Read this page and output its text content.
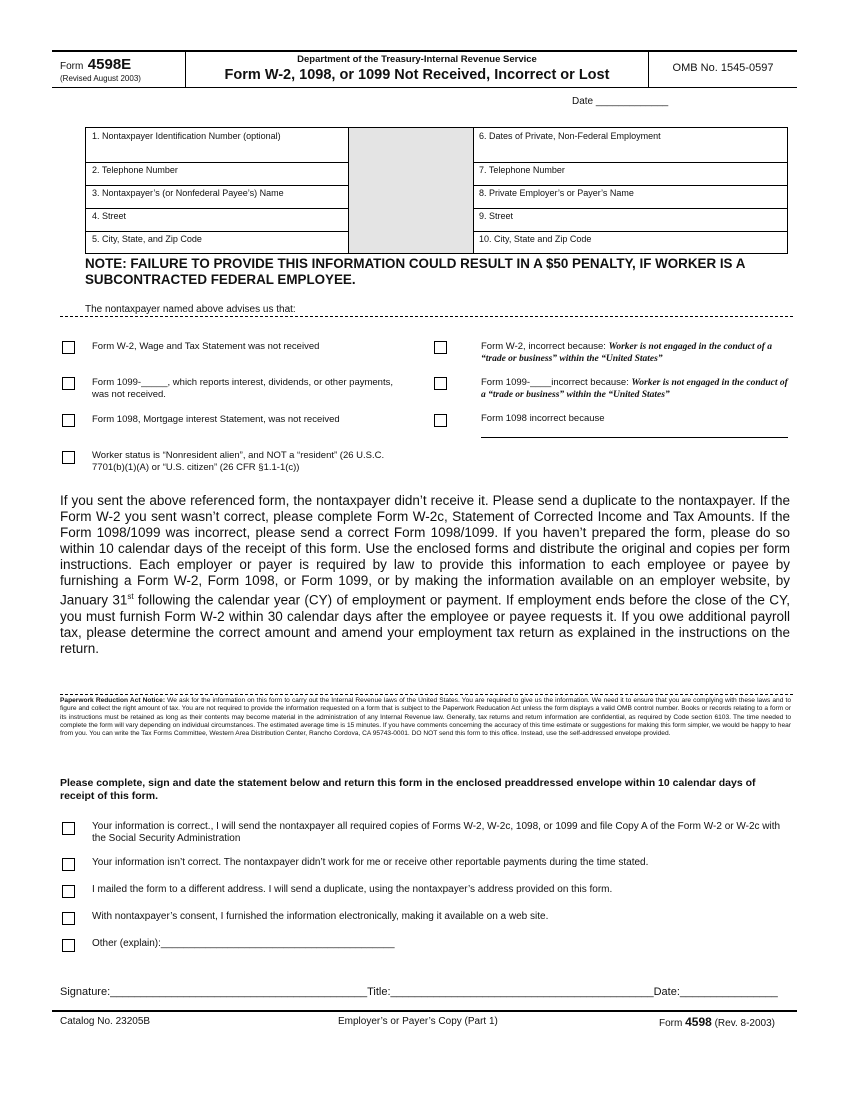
Form 4598E
(Revised August 2003)
Department of the Treasury-Internal Revenue Service
Form W-2, 1098, or 1099 Not Received, Incorrect or Lost	OMB No. 1545-0597
Date _____________
1. Nontaxpayer Identification Number (optional)
2. Telephone Number
3. Nontaxpayer’s (or Nonfederal Payee’s) Name
4. Street
5. City, State, and Zip Code
6. Dates of Private, Non-Federal Employment
7. Telephone Number
8. Private Employer’s or Payer’s Name
9. Street
10. City, State and Zip Code
NOTE: FAILURE TO PROVIDE THIS INFORMATION COULD RESULT IN A $50 PENALTY, IF WORKER IS A SUBCONTRACTED FEDERAL EMPLOYEE.
The nontaxpayer named above advises us that:
Form W-2, Wage and Tax Statement was not received
Form 1099-_____, which reports interest, dividends, or other payments, was not received.
Form 1098, Mortgage interest Statement, was not received
Worker status is “Nonresident alien”, and NOT a “resident” (26 U.S.C. 7701(b)(1)(A) or “U.S. citizen” (26 CFR §1.1-1(c))
Form W-2, incorrect because: Worker is not engaged in the conduct of a “trade or business” within the “United States”
Form 1099-____incorrect because: Worker is not engaged in the conduct of a “trade or business” within the “United States”
Form 1098 incorrect because
If you sent the above referenced form, the nontaxpayer didn’t receive it. Please send a duplicate to the nontaxpayer. If the Form W-2 you sent wasn’t correct, please complete Form W-2c, Statement of Corrected Income and Tax Amounts. If the Form 1098/1099 was incorrect, please send a correct Form 1098/1099. If you haven’t prepared the form, please do so within 10 calendar days of the receipt of this form. Use the enclosed forms and distribute the original and copies per form instructions. Each employer or payer is required by law to provide this information to each employee or payee by furnishing a Form W-2, Form 1098, or Form 1099, or by making the information available on an employer website, by January 31st following the calendar year (CY) of employment or payment. If employment ends before the close of the CY, you must furnish Form W-2 within 30 calendar days after the employee or payee requests it. If you owe additional payroll tax, please determine the correct amount and amend your employment tax return as explained in the instructions on the return.
Paperwork Reduction Act Notice: We ask for the information on this form to carry out the Internal Revenue laws of the United States. You are required to give us the information. We need it to ensure that you are complying with these laws and to figure and collect the right amount of tax. You are not required to provide the information requested on a form that is subject to the Paperwork Reducation Act unless the form displays a valid OMB control number. Books or records relating to a form or its instructions must be retained as long as their contents may become material in the administration of any Internal Revenue law. Generally, tax returns and return information are confidential, as required by Code section 6103. The time needed to complete the form will vary depending on individual circumstances. The estimated average time is 15 minutes. If you have comments concerning the accuracy of this time estimate or suggestions for making this form simpler, we would be happy to hear from you. You can write the Tax Forms Committee, Western Area Distribution Center, Rancho Cordova, CA 95743-0001. DO NOT send this form to this office. Instead, use the self-addressed envelope provided.
Please complete, sign and date the statement below and return this form in the enclosed preaddressed envelope within 10 calendar days of receipt of this form.
Your information is correct., I will send the nontaxpayer all required copies of Forms W-2, W-2c, 1098, or 1099 and file Copy A of the Form W-2 or W-2c with the Social Security Administration
Your information isn’t correct. The nontaxpayer didn’t work for me or receive other reportable payments during the time stated.
I mailed the form to a different address. I will send a duplicate, using the nontaxpayer’s address provided on this form.
With nontaxpayer’s consent, I furnished the information electronically, making it available on a web site.
Other (explain):__________________________________________
Signature:__________________________________________Title:___________________________________________Date:________________
Catalog No. 23205B	Employer’s or Payer’s Copy (Part 1)	Form 4598 (Rev. 8-2003)
